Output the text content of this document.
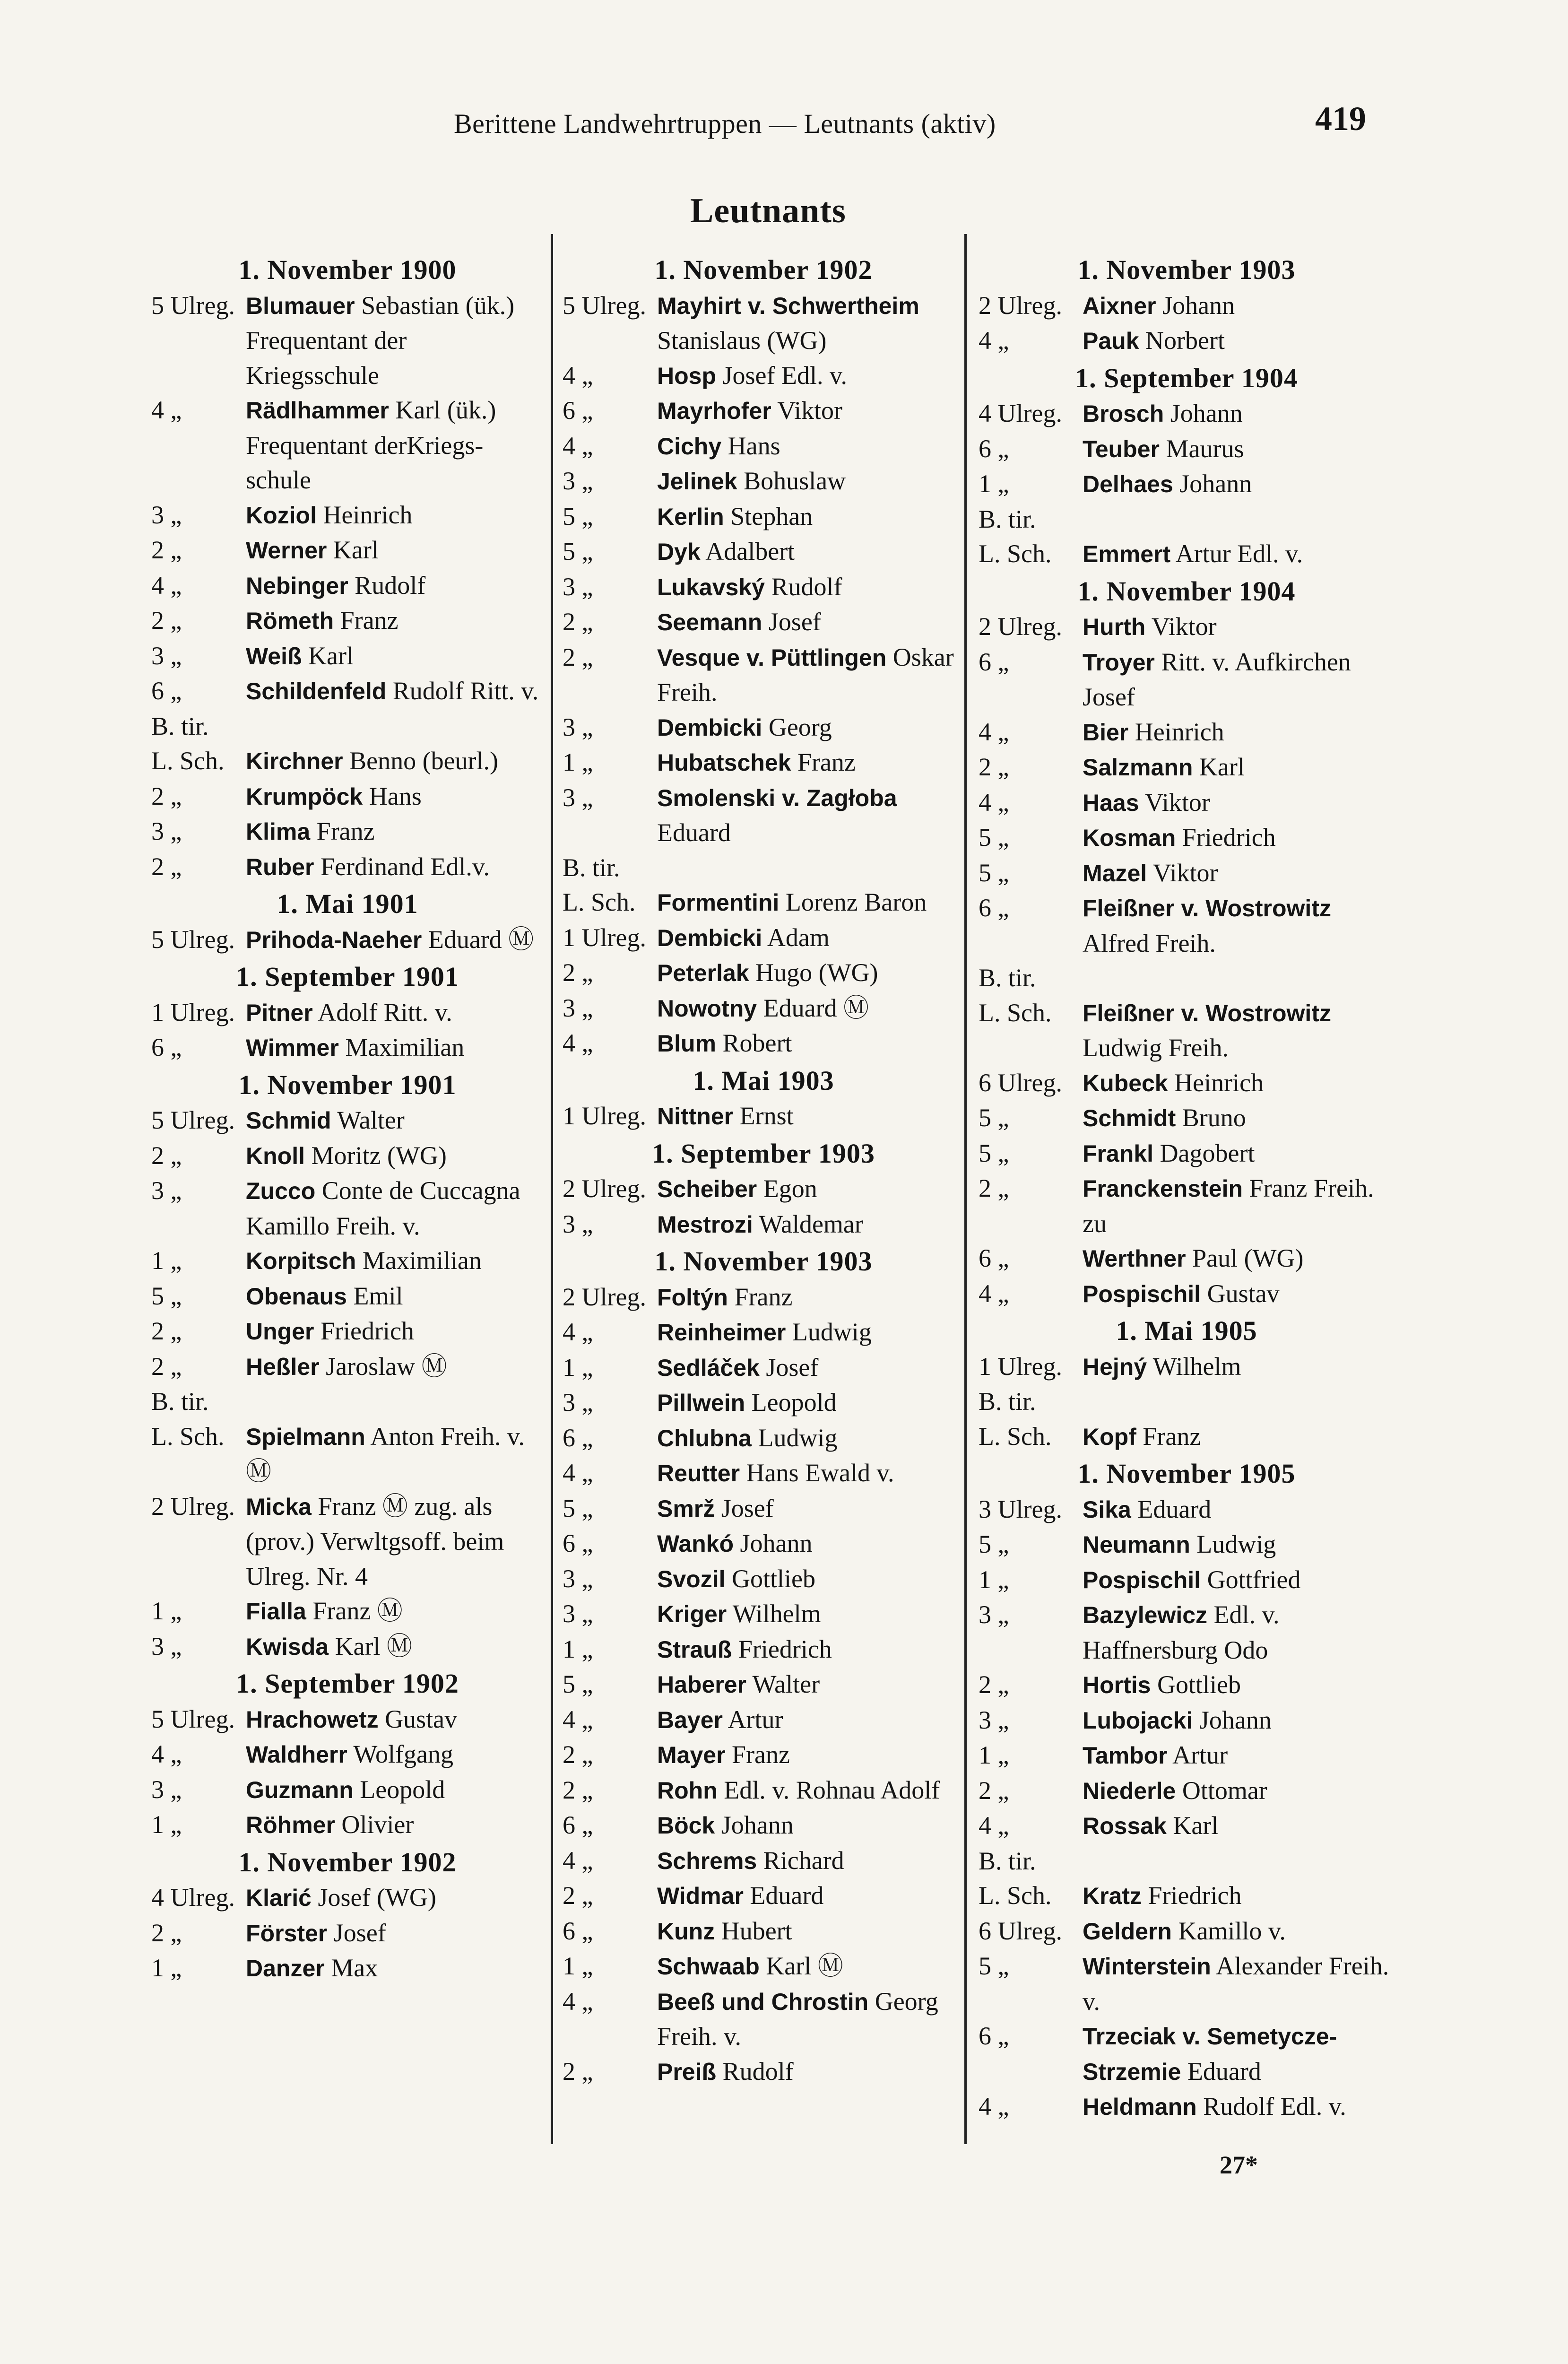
Berittene Landwehrtruppen — Leutnants (aktiv)	419
Leutnants
1. November 1900
5 Ulreg. Blumauer Sebastian (ük.) Frequentant der Kriegsschule
4 „	Rädlhammer Karl (ük.) Frequentant derKriegs-schule
3 „	Koziol Heinrich
2 „	Werner Karl
4 „	Nebinger Rudolf
2 „	Römeth Franz
3 „	Weiß Karl
6 „	Schildenfeld Rudolf Ritt. v.
B. tir.
L. Sch. Kirchner Benno (beurl.)
2 „	Krumpöck Hans
3 „	Klima Franz
2 „	Ruber Ferdinand Edl.v.
1. Mai 1901
5 Ulreg. Prihoda-Naeher Eduard Ⓜ
1. September 1901
1 Ulreg. Pitner Adolf Ritt. v.
6 „	Wimmer Maximilian
1. November 1901
5 Ulreg. Schmid Walter
2 „	Knoll Moritz (WG)
3 „	Zucco Conte de Cuccagna Kamillo Freih. v.
1 „	Korpitsch Maximilian
5 „	Obenaus Emil
2 „	Unger Friedrich
2 „	Heßler Jaroslaw Ⓜ
B. tir.
L. Sch. Spielmann Anton Freih. v. Ⓜ
2 Ulreg. Micka Franz Ⓜ zug. als (prov.) Verwltgsoff. beim Ulreg. Nr. 4
1 „	Fialla Franz Ⓜ
3 „	Kwisda Karl Ⓜ
1. September 1902
5 Ulreg. Hrachowetz Gustav
4 „	Waldherr Wolfgang
3 „	Guzmann Leopold
1 „	Röhmer Olivier
1. November 1902
4 Ulreg. Klarić Josef (WG)
2 „	Förster Josef
1 „	Danzer Max
1. November 1902
5 Ulreg. Mayhirt v. Schwertheim Stanislaus (WG)
4 „	Hosp Josef Edl. v.
6 „	Mayrhofer Viktor
4 „	Cichy Hans
3 „	Jelinek Bohuslaw
5 „	Kerlin Stephan
5 „	Dyk Adalbert
3 „	Lukavský Rudolf
2 „	Seemann Josef
2 „	Vesque v. Püttlingen Oskar Freih.
3 „	Dembicki Georg
1 „	Hubatschek Franz
3 „	Smolenski v. Zagłoba Eduard
B. tir.
L. Sch. Formentini Lorenz Baron
1 Ulreg. Dembicki Adam
2 „	Peterlak Hugo (WG)
3 „	Nowotny Eduard Ⓜ
4 „	Blum Robert
1. Mai 1903
1 Ulreg. Nittner Ernst
1. September 1903
2 Ulreg. Scheiber Egon
3 „	Mestrozi Waldemar
1. November 1903
2 Ulreg. Foltýn Franz
4 „	Reinheimer Ludwig
1 „	Sedláček Josef
3 „	Pillwein Leopold
6 „	Chlubna Ludwig
4 „	Reutter Hans Ewald v.
5 „	Smrž Josef
6 „	Wankó Johann
3 „	Svozil Gottlieb
3 „	Kriger Wilhelm
1 „	Strauß Friedrich
5 „	Haberer Walter
4 „	Bayer Artur
2 „	Mayer Franz
2 „	Rohn Edl. v. Rohnau Adolf
6 „	Böck Johann
4 „	Schrems Richard
2 „	Widmar Eduard
6 „	Kunz Hubert
1 „	Schwaab Karl Ⓜ
4 „	Beeß und Chrostin Georg Freih. v.
2 „	Preiß Rudolf
1. November 1903
2 Ulreg. Aixner Johann
4 „	Pauk Norbert
1. September 1904
4 Ulreg. Brosch Johann
6 „	Teuber Maurus
1 „	Delhaes Johann
B. tir.
L. Sch.	Emmert Artur Edl. v.
1. November 1904
2 Ulreg. Hurth Viktor
6 „	Troyer Ritt. v. Aufkirchen Josef
4 „	Bier Heinrich
2 „	Salzmann Karl
4 „	Haas Viktor
5 „	Kosman Friedrich
5 „	Mazel Viktor
6 „	Fleißner v. Wostrowitz Alfred Freih.
B. tir.
L. Sch.	Fleißner v. Wostrowitz Ludwig Freih.
6 Ulreg. Kubeck Heinrich
5 „	Schmidt Bruno
5 „	Frankl Dagobert
2 „	Franckenstein Franz Freih. zu
6 „	Werthner Paul (WG)
4 „	Pospischil Gustav
1. Mai 1905
1 Ulreg. Hejný Wilhelm
B. tir.
L. Sch.	Kopf Franz
1. November 1905
3 Ulreg. Sika Eduard
5 „	Neumann Ludwig
1 „	Pospischil Gottfried
3 „	Bazylewicz Edl. v. Haffnersburg Odo
2 „	Hortis Gottlieb
3 „	Lubojacki Johann
1 „	Tambor Artur
2 „	Niederle Ottomar
4 „	Rossak Karl
B. tir.
L. Sch.	Kratz Friedrich
6 Ulreg. Geldern Kamillo v.
5 „	Winterstein Alexander Freih. v.
6 „	Trzeciak v. Semetycze-Strzemie Eduard
4 „	Heldmann Rudolf Edl. v.
27*
